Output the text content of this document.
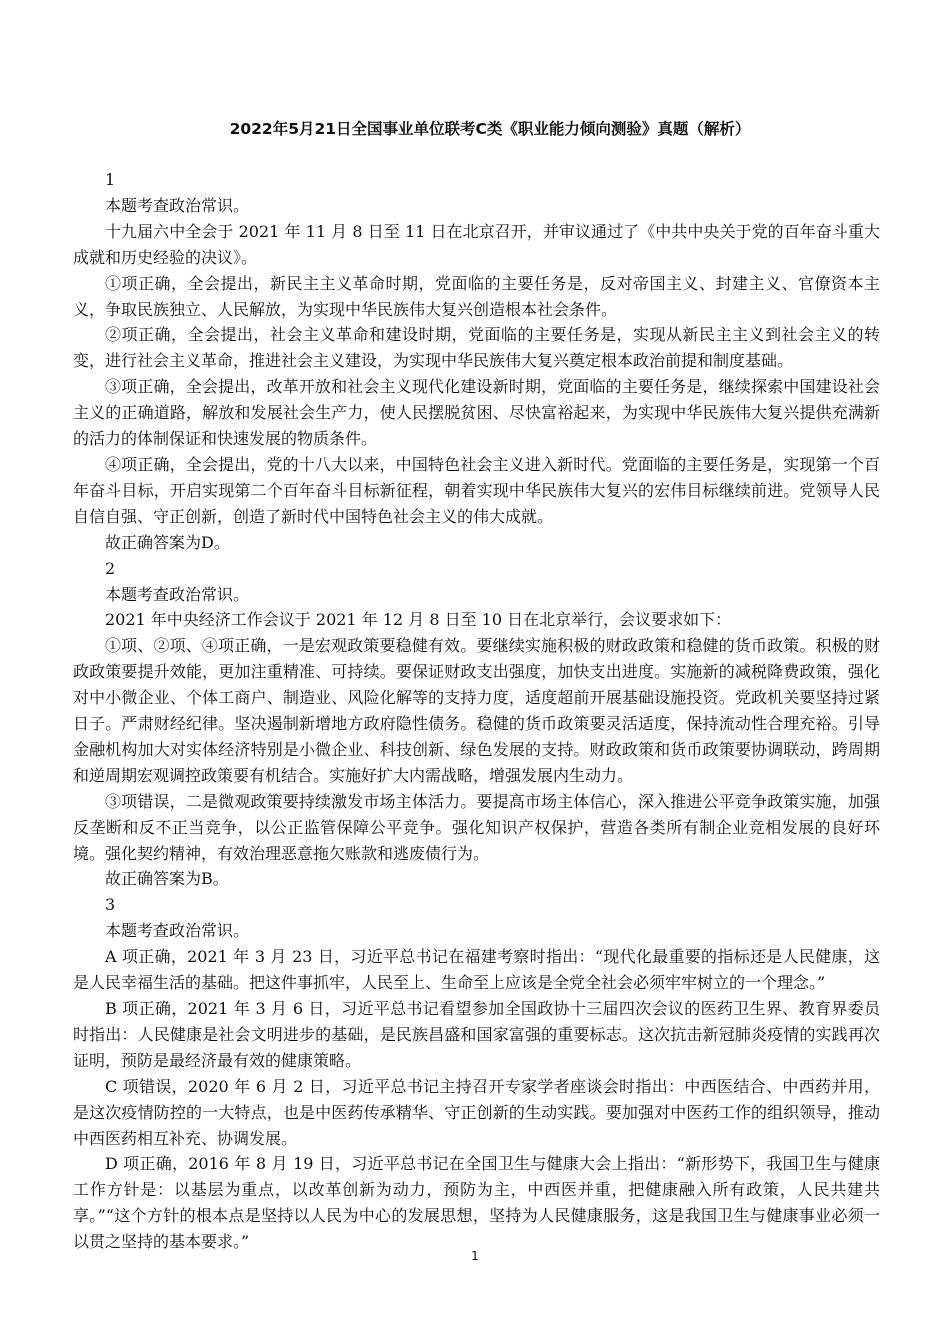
2022年5月21日全国事业单位联考C类《职业能力倾向测验》真题（解析）

1

本题考查政治常识。

十九届六中全会于 2021 年 11 月 8 日至 11 日在北京召开，并审议通过了《中共中央关于党的百年奋斗重大成就和历史经验的决议》。

①项正确，全会提出，新民主主义革命时期，党面临的主要任务是，反对帝国主义、封建主义、官僚资本主义，争取民族独立、人民解放，为实现中华民族伟大复兴创造根本社会条件。

②项正确，全会提出，社会主义革命和建设时期，党面临的主要任务是，实现从新民主主义到社会主义的转变，进行社会主义革命，推进社会主义建设，为实现中华民族伟大复兴奠定根本政治前提和制度基础。

③项正确，全会提出，改革开放和社会主义现代化建设新时期，党面临的主要任务是，继续探索中国建设社会主义的正确道路，解放和发展社会生产力，使人民摆脱贫困、尽快富裕起来，为实现中华民族伟大复兴提供充满新的活力的体制保证和快速发展的物质条件。

④项正确，全会提出，党的十八大以来，中国特色社会主义进入新时代。党面临的主要任务是，实现第一个百年奋斗目标，开启实现第二个百年奋斗目标新征程，朝着实现中华民族伟大复兴的宏伟目标继续前进。党领导人民自信自强、守正创新，创造了新时代中国特色社会主义的伟大成就。

故正确答案为D。

2

本题考查政治常识。

2021 年中央经济工作会议于 2021 年 12 月 8 日至 10 日在北京举行，会议要求如下：

①项、②项、④项正确，一是宏观政策要稳健有效。要继续实施积极的财政政策和稳健的货币政策。积极的财政政策要提升效能，更加注重精准、可持续。要保证财政支出强度，加快支出进度。实施新的减税降费政策，强化对中小微企业、个体工商户、制造业、风险化解等的支持力度，适度超前开展基础设施投资。党政机关要坚持过紧日子。严肃财经纪律。坚决遏制新增地方政府隐性债务。稳健的货币政策要灵活适度，保持流动性合理充裕。引导金融机构加大对实体经济特别是小微企业、科技创新、绿色发展的支持。财政政策和货币政策要协调联动，跨周期和逆周期宏观调控政策要有机结合。实施好扩大内需战略，增强发展内生动力。

③项错误，二是微观政策要持续激发市场主体活力。要提高市场主体信心，深入推进公平竞争政策实施，加强反垄断和反不正当竞争，以公正监管保障公平竞争。强化知识产权保护，营造各类所有制企业竞相发展的良好环境。强化契约精神，有效治理恶意拖欠账款和逃废债行为。

故正确答案为B。

3

本题考查政治常识。

A 项正确，2021 年 3 月 23 日，习近平总书记在福建考察时指出：“现代化最重要的指标还是人民健康，这是人民幸福生活的基础。把这件事抓牢，人民至上、生命至上应该是全党全社会必须牢牢树立的一个理念。”

B 项正确，2021 年 3 月 6 日，习近平总书记看望参加全国政协十三届四次会议的医药卫生界、教育界委员时指出：人民健康是社会文明进步的基础，是民族昌盛和国家富强的重要标志。这次抗击新冠肺炎疫情的实践再次证明，预防是最经济最有效的健康策略。

C 项错误，2020 年 6 月 2 日，习近平总书记主持召开专家学者座谈会时指出：中西医结合、中西药并用，是这次疫情防控的一大特点，也是中医药传承精华、守正创新的生动实践。要加强对中医药工作的组织领导，推动中西医药相互补充、协调发展。

D 项正确，2016 年 8 月 19 日，习近平总书记在全国卫生与健康大会上指出：“新形势下，我国卫生与健康工作方针是：以基层为重点，以改革创新为动力，预防为主，中西医并重，把健康融入所有政策，人民共建共享。”“这个方针的根本点是坚持以人民为中心的发展思想，坚持为人民健康服务，这是我国卫生与健康事业必须一以贯之坚持的基本要求。”

1
